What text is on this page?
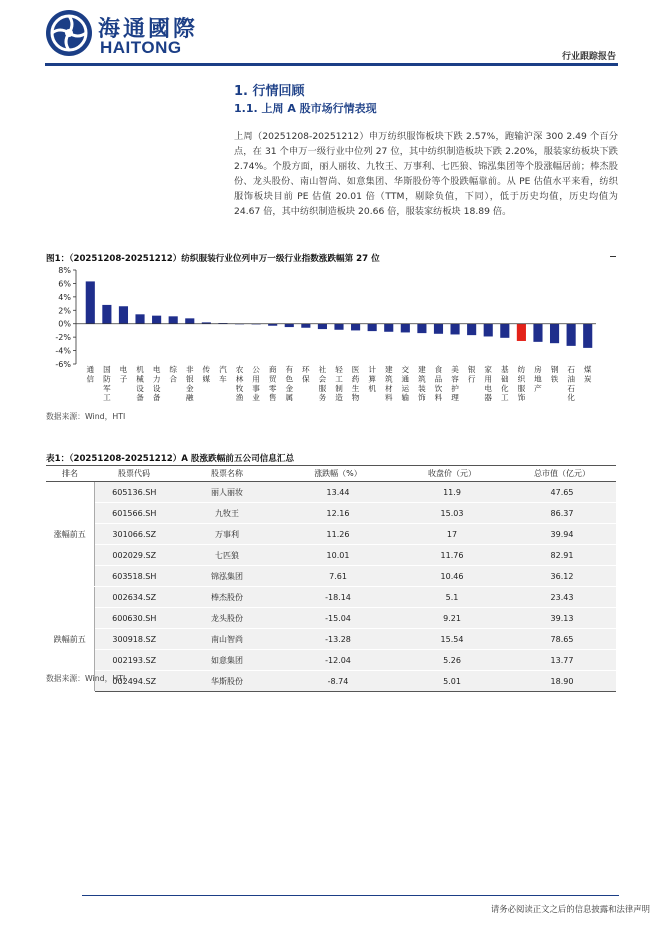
海通國際
HAITONG	行业跟踪报告
1. 行情回顾
1.1. 上周 A 股市场行情表现
上周（20251208-20251212）申万纺织服饰板块下跌 2.57%，跑输沪深 300 2.49 个百分点，在 31 个申万一级行业中位列 27 位，其中纺织制造板块下跌 2.20%，服装家纺板块下跌 2.74%。个股方面，丽人丽妆、九牧王、万事利、七匹狼、锦泓集团等个股涨幅居前；棒杰股份、龙头股份、南山智尚、如意集团、华斯股份等个股跌幅靠前。从 PE 估值水平来看，纺织服饰板块目前 PE 估值 20.01 倍（TTM，剔除负值，下同），低于历史均值，历史均值为 24.67 倍，其中纺织制造板块 20.66 倍，服装家纺板块 18.89 倍。
图1：（20251208-20251212）纺织服装行业位列申万一级行业指数涨跌幅第 27 位
-6%
-4%
-2%
0%
2%
4%
6%
8%
通信
国防军工
电子
机械设备
电力设备
综合
非银金融
传媒
汽车
农林牧渔
公用事业
商贸零售
有色金属
环保
社会服务
轻工制造
医药生物
计算机
建筑材料
交通运输
建筑装饰
食品饮料
美容护理
银行
家用电器
基础化工
纺织服饰
房地产
钢铁
石油石化
煤炭
数据来源：Wind，HTI
表1：（20251208-20251212）A 股涨跌幅前五公司信息汇总
排名	股票代码	股票名称	涨跌幅（%）	收盘价（元）	总市值（亿元）
涨幅前五	605136.SH	丽人丽妆	13.44	11.9	47.65
	601566.SH	九牧王	12.16	15.03	86.37
	301066.SZ	万事利	11.26	17	39.94
	002029.SZ	七匹狼	10.01	11.76	82.91
	603518.SH	锦泓集团	7.61	10.46	36.12
跌幅前五	002634.SZ	棒杰股份	-18.14	5.1	23.43
	600630.SH	龙头股份	-15.04	9.21	39.13
	300918.SZ	南山智尚	-13.28	15.54	78.65
	002193.SZ	如意集团	-12.04	5.26	13.77
	002494.SZ	华斯股份	-8.74	5.01	18.90
数据来源：Wind，HTI
请务必阅读正文之后的信息披露和法律声明
